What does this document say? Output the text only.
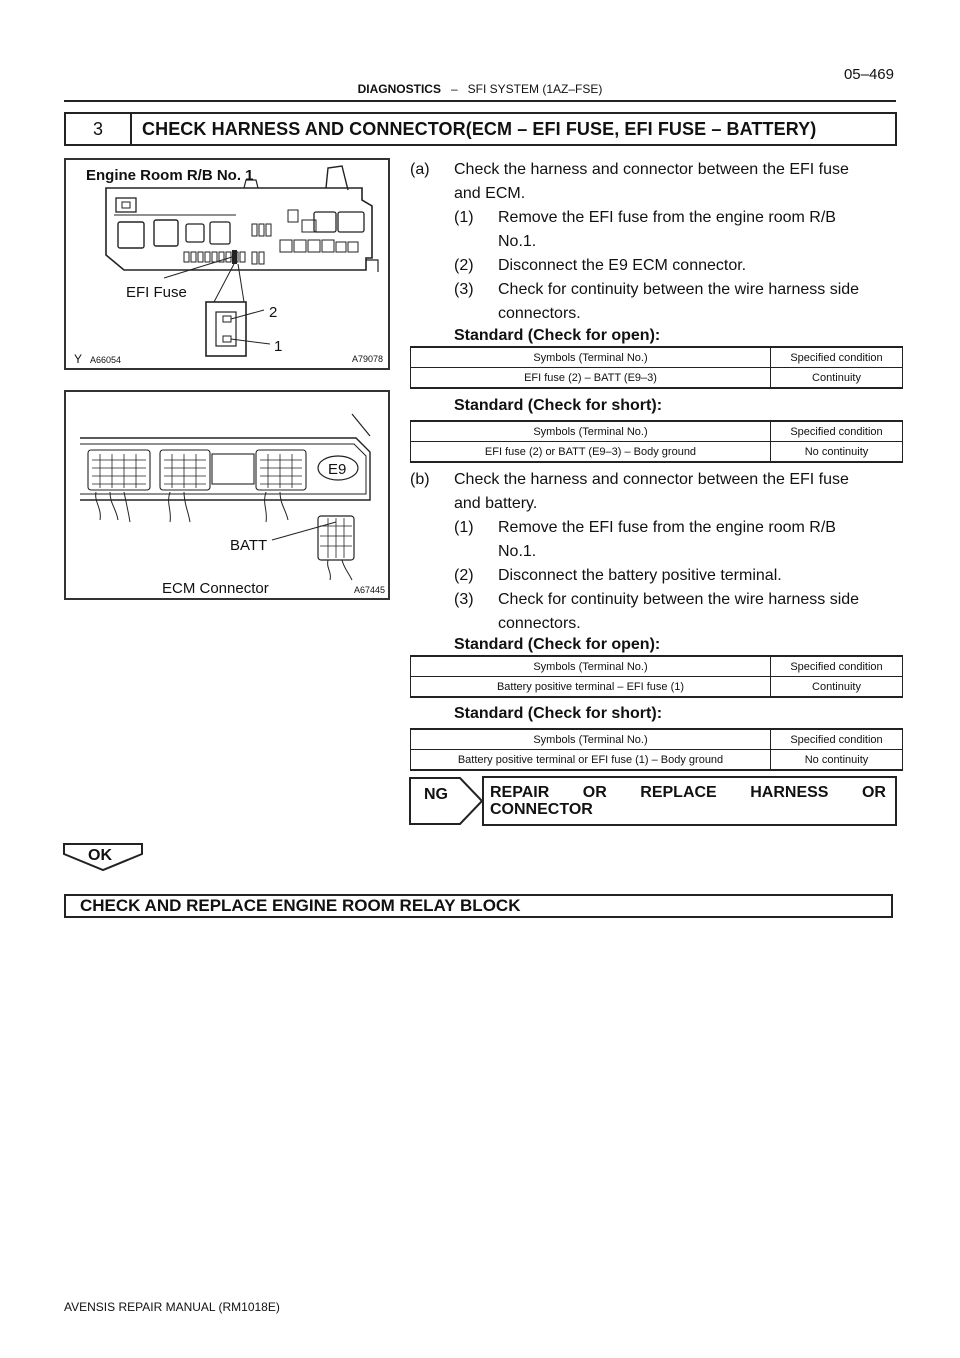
DIAGNOSTICS – SFI SYSTEM (1AZ–FSE)
05–469
3	CHECK HARNESS AND CONNECTOR(ECM – EFI FUSE, EFI FUSE – BATTERY)
Engine Room R/B No. 1
EFI Fuse
2
1
Y A66054	A79078
E9
BATT
ECM Connector	A67445
(a) Check the harness and connector between the EFI fuse
and ECM.
(1) Remove the EFI fuse from the engine room R/B
No.1.
(2) Disconnect the E9 ECM connector.
(3) Check for continuity between the wire harness side
connectors.
Standard (Check for open):
Symbols (Terminal No.)	Specified condition
EFI fuse (2) – BATT (E9–3)	Continuity
Standard (Check for short):
Symbols (Terminal No.)	Specified condition
EFI fuse (2) or BATT (E9–3) – Body ground	No continuity
(b) Check the harness and connector between the EFI fuse
and battery.
(1) Remove the EFI fuse from the engine room R/B
No.1.
(2) Disconnect the battery positive terminal.
(3) Check for continuity between the wire harness side
connectors.
Standard (Check for open):
Symbols (Terminal No.)	Specified condition
Battery positive terminal – EFI fuse (1)	Continuity
Standard (Check for short):
Symbols (Terminal No.)	Specified condition
Battery positive terminal or EFI fuse (1) – Body ground	No continuity
NG	REPAIR OR REPLACE HARNESS OR
CONNECTOR
OK
CHECK AND REPLACE ENGINE ROOM RELAY BLOCK
AVENSIS REPAIR MANUAL (RM1018E)
